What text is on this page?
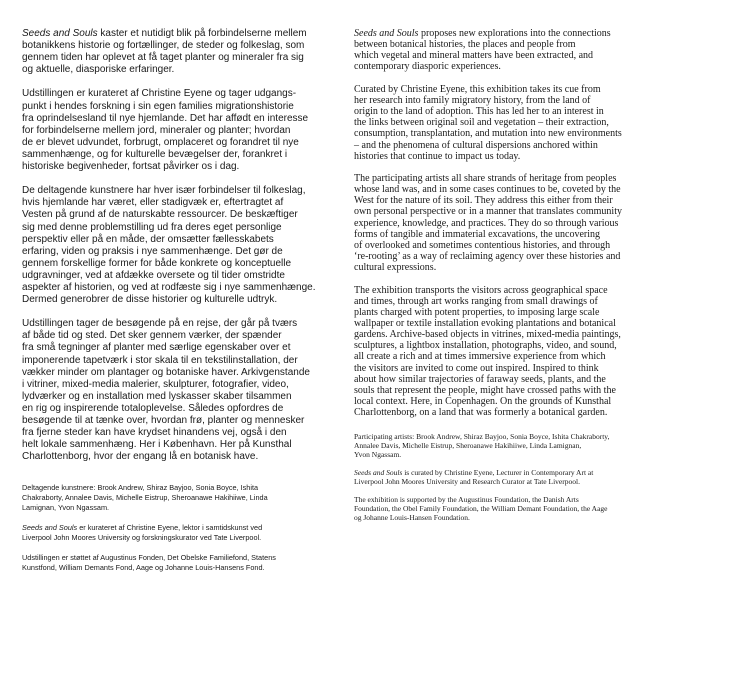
Seeds and Souls kaster et nutidigt blik på forbindelserne mellem
botanikkens historie og fortællinger, de steder og folkeslag, som
gennem tiden har oplevet at få taget planter og mineraler fra sig
og aktuelle, diasporiske erfaringer.

Udstillingen er kurateret af Christine Eyene og tager udgangs-
punkt i hendes forskning i sin egen families migrationshistorie
fra oprindelsesland til nye hjemlande. Det har affødt en interesse
for forbindelserne mellem jord, mineraler og planter; hvordan
de er blevet udvundet, forbrugt, omplaceret og forandret til nye
sammenhænge, og for kulturelle bevægelser der, forankret i
historiske begivenheder, fortsat påvirker os i dag.

De deltagende kunstnere har hver især forbindelser til folkeslag,
hvis hjemlande har været, eller stadigvæk er, eftertragtet af
Vesten på grund af de naturskabte ressourcer. De beskæftiger
sig med denne problemstilling ud fra deres eget personlige
perspektiv eller på en måde, der omsætter fællesskabets
erfaring, viden og praksis i nye sammenhænge. Det gør de
gennem forskellige former for både konkrete og konceptuelle
udgravninger, ved at afdække oversete og til tider omstridte
aspekter af historien, og ved at rodfæste sig i nye sammenhænge.
Dermed generobrer de disse historier og kulturelle udtryk.

Udstillingen tager de besøgende på en rejse, der går på tværs
af både tid og sted. Det sker gennem værker, der spænder
fra små tegninger af planter med særlige egenskaber over et
imponerende tapetværk i stor skala til en tekstilinstallation, der
vækker minder om plantager og botaniske haver. Arkivgenstande
i vitriner, mixed-media malerier, skulpturer, fotografier, video,
lydværker og en installation med lyskasser skaber tilsammen
en rig og inspirerende totaloplevelse. Således opfordres de
besøgende til at tænke over, hvordan frø, planter og mennesker
fra fjerne steder kan have krydset hinandens vej, også i den
helt lokale sammenhæng. Her i København. Her på Kunsthal
Charlottenborg, hvor der engang lå en botanisk have.

Deltagende kunstnere: Brook Andrew, Shiraz Bayjoo, Sonia Boyce, Ishita
Chakraborty, Annalee Davis, Michelle Eistrup, Sheroanawe Hakihiiwe, Linda
Lamignan, Yvon Ngassam.

Seeds and Souls er kurateret af Christine Eyene, lektor i samtidskunst ved
Liverpool John Moores University og forskningskurator ved Tate Liverpool.

Udstillingen er støttet af Augustinus Fonden, Det Obelske Familiefond, Statens
Kunstfond, William Demants Fond, Aage og Johanne Louis-Hansens Fond.

Seeds and Souls proposes new explorations into the connections
between botanical histories, the places and people from
which vegetal and mineral matters have been extracted, and
contemporary diasporic experiences.

Curated by Christine Eyene, this exhibition takes its cue from
her research into family migratory history, from the land of
origin to the land of adoption. This has led her to an interest in
the links between original soil and vegetation – their extraction,
consumption, transplantation, and mutation into new environments
– and the phenomena of cultural dispersions anchored within
histories that continue to impact us today.

The participating artists all share strands of heritage from peoples
whose land was, and in some cases continues to be, coveted by the
West for the nature of its soil. They address this either from their
own personal perspective or in a manner that translates community
experience, knowledge, and practices. They do so through various
forms of tangible and immaterial excavations, the uncovering
of overlooked and sometimes contentious histories, and through
‘re-rooting’ as a way of reclaiming agency over these histories and
cultural expressions.

The exhibition transports the visitors across geographical space
and times, through art works ranging from small drawings of
plants charged with potent properties, to imposing large scale
wallpaper or textile installation evoking plantations and botanical
gardens. Archive-based objects in vitrines, mixed-media paintings,
sculptures, a lightbox installation, photographs, video, and sound,
all create a rich and at times immersive experience from which
the visitors are invited to come out inspired. Inspired to think
about how similar trajectories of faraway seeds, plants, and the
souls that represent the people, might have crossed paths with the
local context. Here, in Copenhagen. On the grounds of Kunsthal
Charlottenborg, on a land that was formerly a botanical garden.

Participating artists: Brook Andrew, Shiraz Bayjoo, Sonia Boyce, Ishita Chakraborty,
Annalee Davis, Michelle Eistrup, Sheroanawe Hakihiiwe, Linda Lamignan,
Yvon Ngassam.

Seeds and Souls is curated by Christine Eyene, Lecturer in Contemporary Art at
Liverpool John Moores University and Research Curator at Tate Liverpool.

The exhibition is supported by the Augustinus Foundation, the Danish Arts
Foundation, the Obel Family Foundation, the William Demant Foundation, the Aage
og Johanne Louis-Hansen Foundation.
